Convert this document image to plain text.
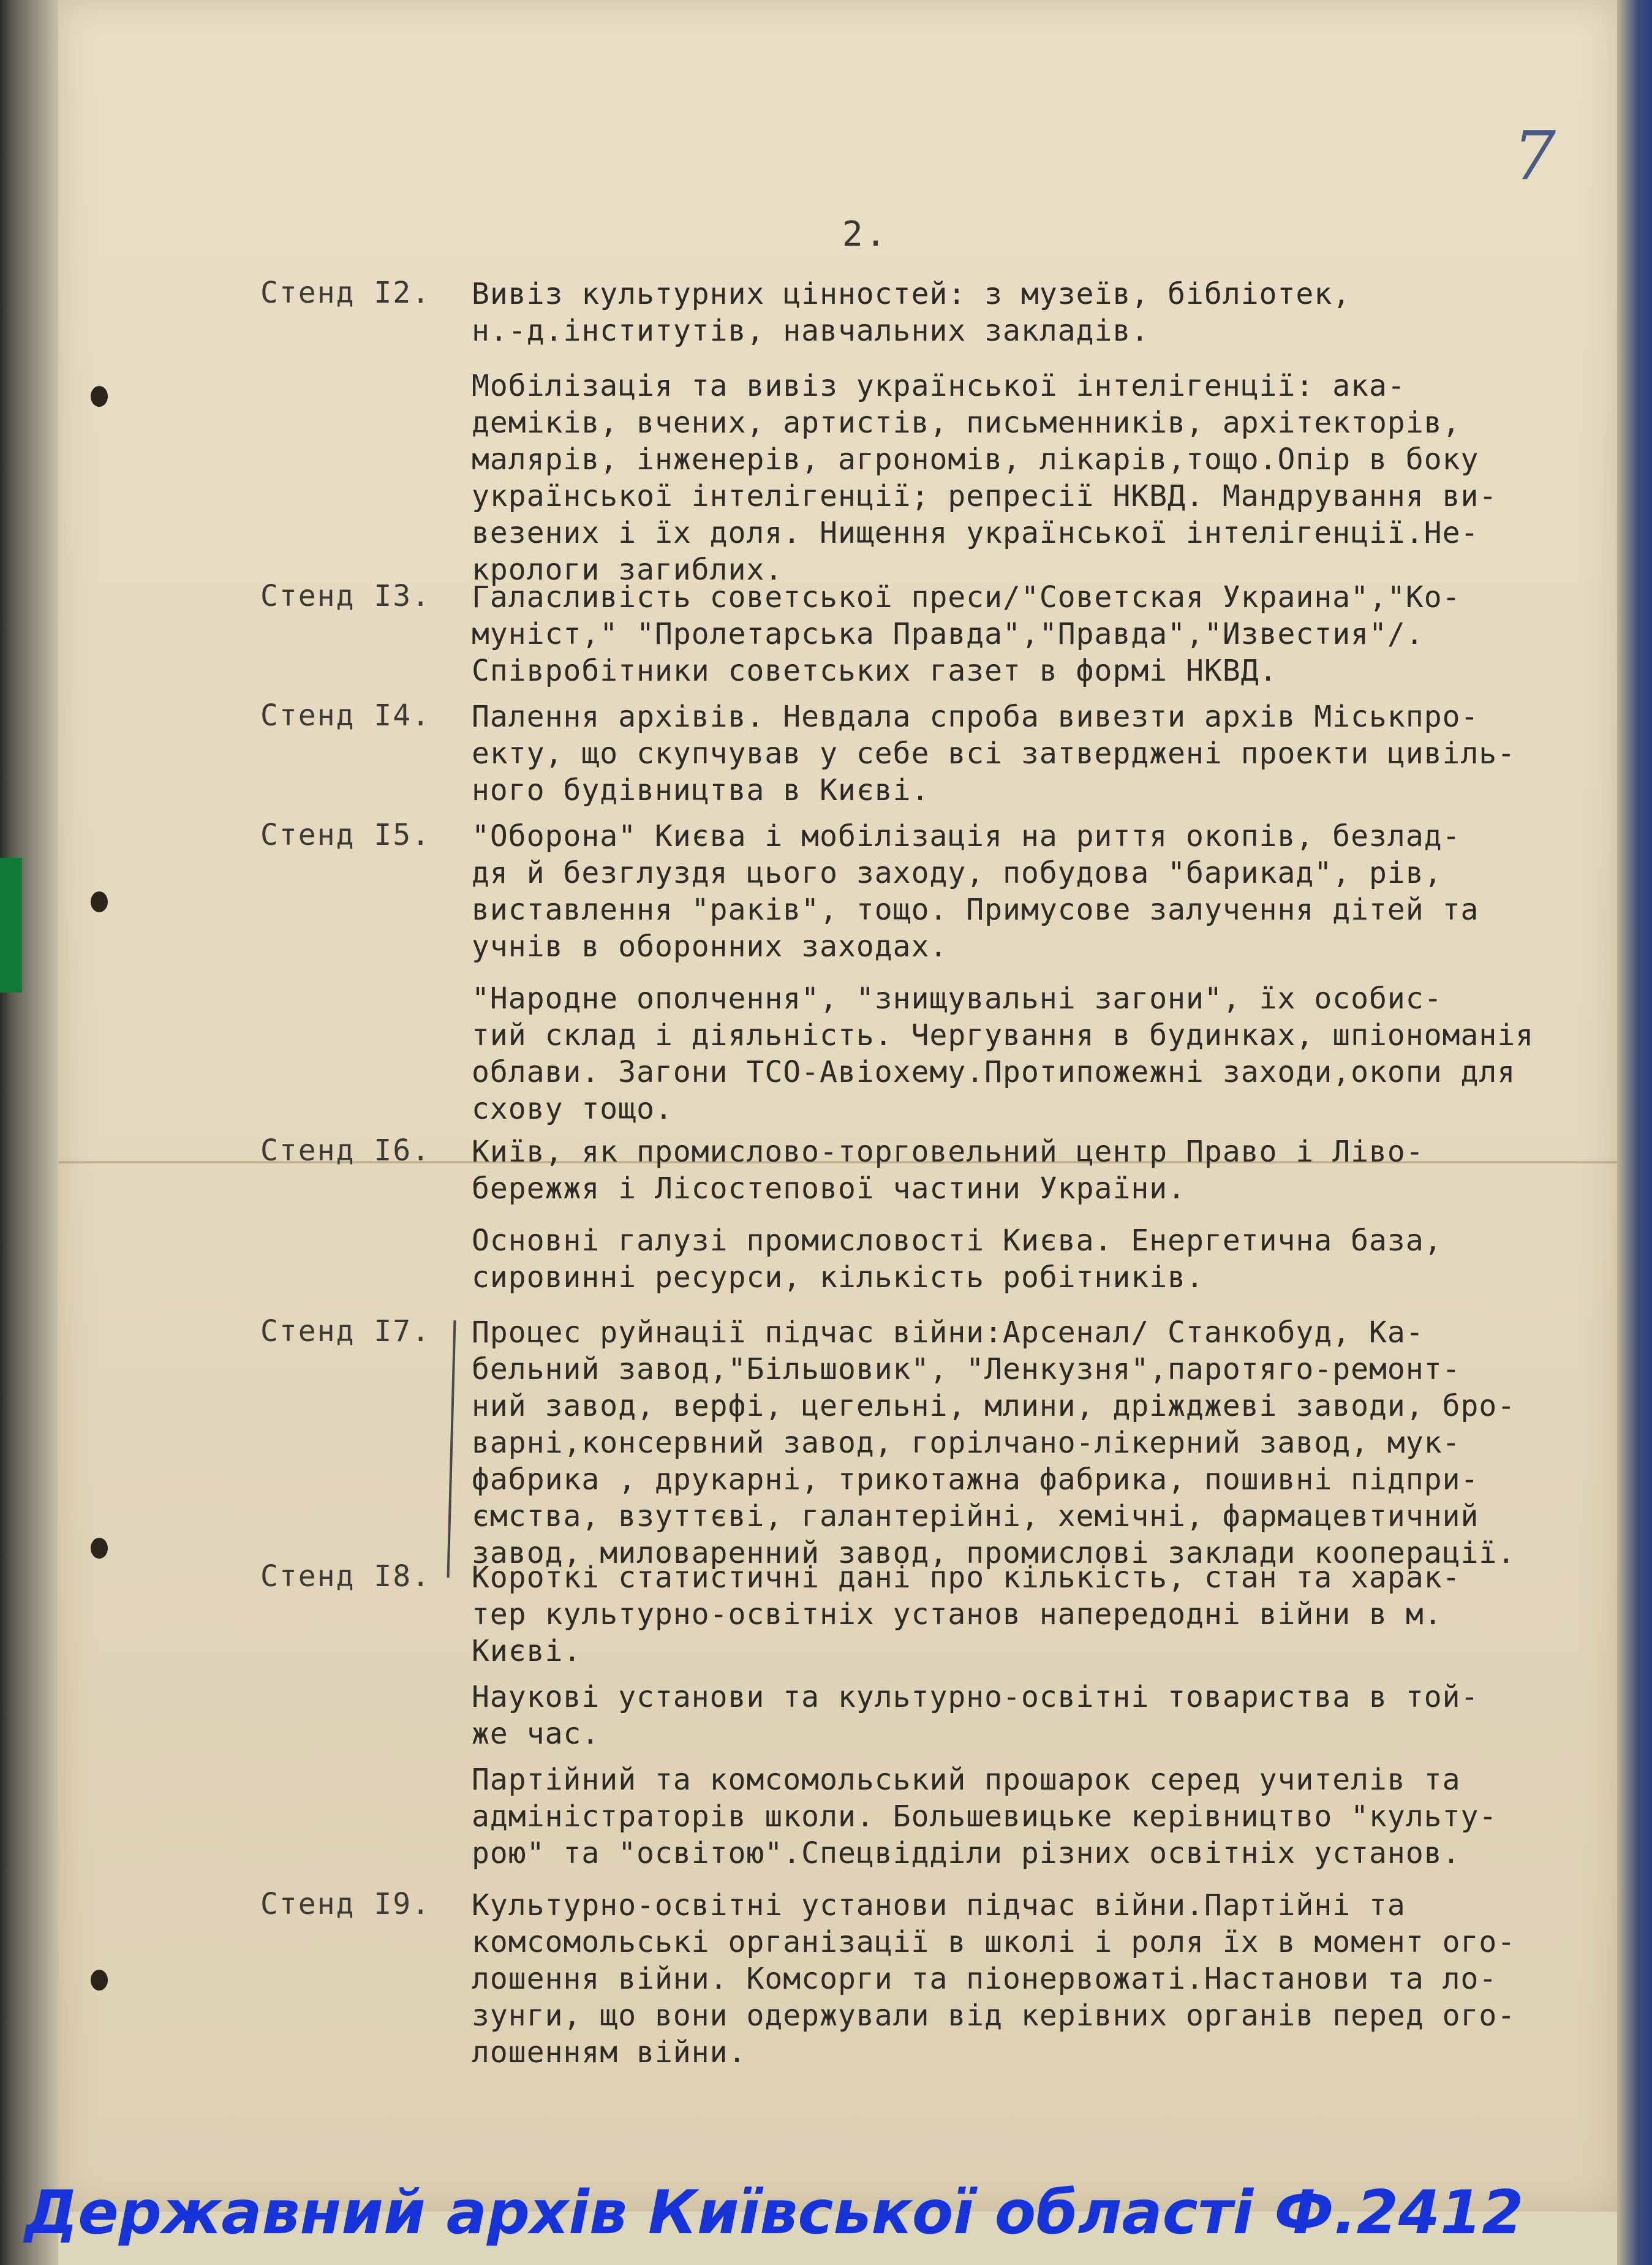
7
2.
Стенд I2. Вивіз культурних цінностей: з музеїв, бібліотек,
н.-д.інститутів, навчальних закладів.
Мобілізація та вивіз української інтелігенції: ака-
деміків, вчених, артистів, письменників, архітекторів,
малярів, інженерів, агрономів, лікарів,тощо.Опір в боку
української інтелігенції; репресії НКВД. Мандрування ви-
везених і їх доля. Нищення української інтелігенції.Не-
крологи загиблих.
Стенд I3. Галасливість советської преси/"Советская Украина","Ко-
муніст," "Пролетарська Правда","Правда","Известия"/.
Співробітники советських газет в формі НКВД.
Стенд I4. Палення архівів. Невдала спроба вивезти архів Міськпро-
екту, що скупчував у себе всі затверджені проекти цивіль-
ного будівництва в Києві.
Стенд I5. "Оборона" Києва і мобілізація на риття окопів, безлад-
дя й безглуздя цього заходу, побудова "барикад", рів,
виставлення "раків", тощо. Примусове залучення дітей та
учнів в оборонних заходах.
"Народне ополчення", "знищувальні загони", їх особис-
тий склад і діяльність. Чергування в будинках, шпіономанія
облави. Загони ТСО-Авіохему.Протипожежні заходи,окопи для
схову тощо.
Стенд I6. Київ, як промислово-торговельний центр Право і Ліво-
бережжя і Лісостепової частини України.
Основні галузі промисловості Києва. Енергетична база,
сировинні ресурси, кількість робітників.
Стенд I7. Процес руйнації підчас війни:Арсенал/ Станкобуд, Ка-
бельний завод,"Більшовик", "Ленкузня",паротяго-ремонт-
ний завод, верфі, цегельні, млини, дріжджеві заводи, бро-
варні,консервний завод, горілчано-лікерний завод, мук-
фабрика , друкарні, трикотажна фабрика, пошивні підпри-
ємства, взуттєві, галантерійні, хемічні, фармацевтичний
завод, миловаренний завод, промислові заклади кооперації.
Стенд I8. Короткі статистичні дані про кількість, стан та харак-
тер культурно-освітніх установ напередодні війни в м.
Києві.
Наукові установи та культурно-освітні товариства в той-
же час.
Партійний та комсомольський прошарок серед учителів та
адміністраторів школи. Большевицьке керівництво "культу-
рою" та "освітою".Спецвідділи різних освітніх установ.
Стенд I9. Культурно-освітні установи підчас війни.Партійні та
комсомольські організації в школі і роля їх в момент ого-
лошення війни. Комсорги та піонервожаті.Настанови та ло-
зунги, що вони одержували від керівних органів перед ого-
лошенням війни.
Державний архів Київської області Ф.2412
